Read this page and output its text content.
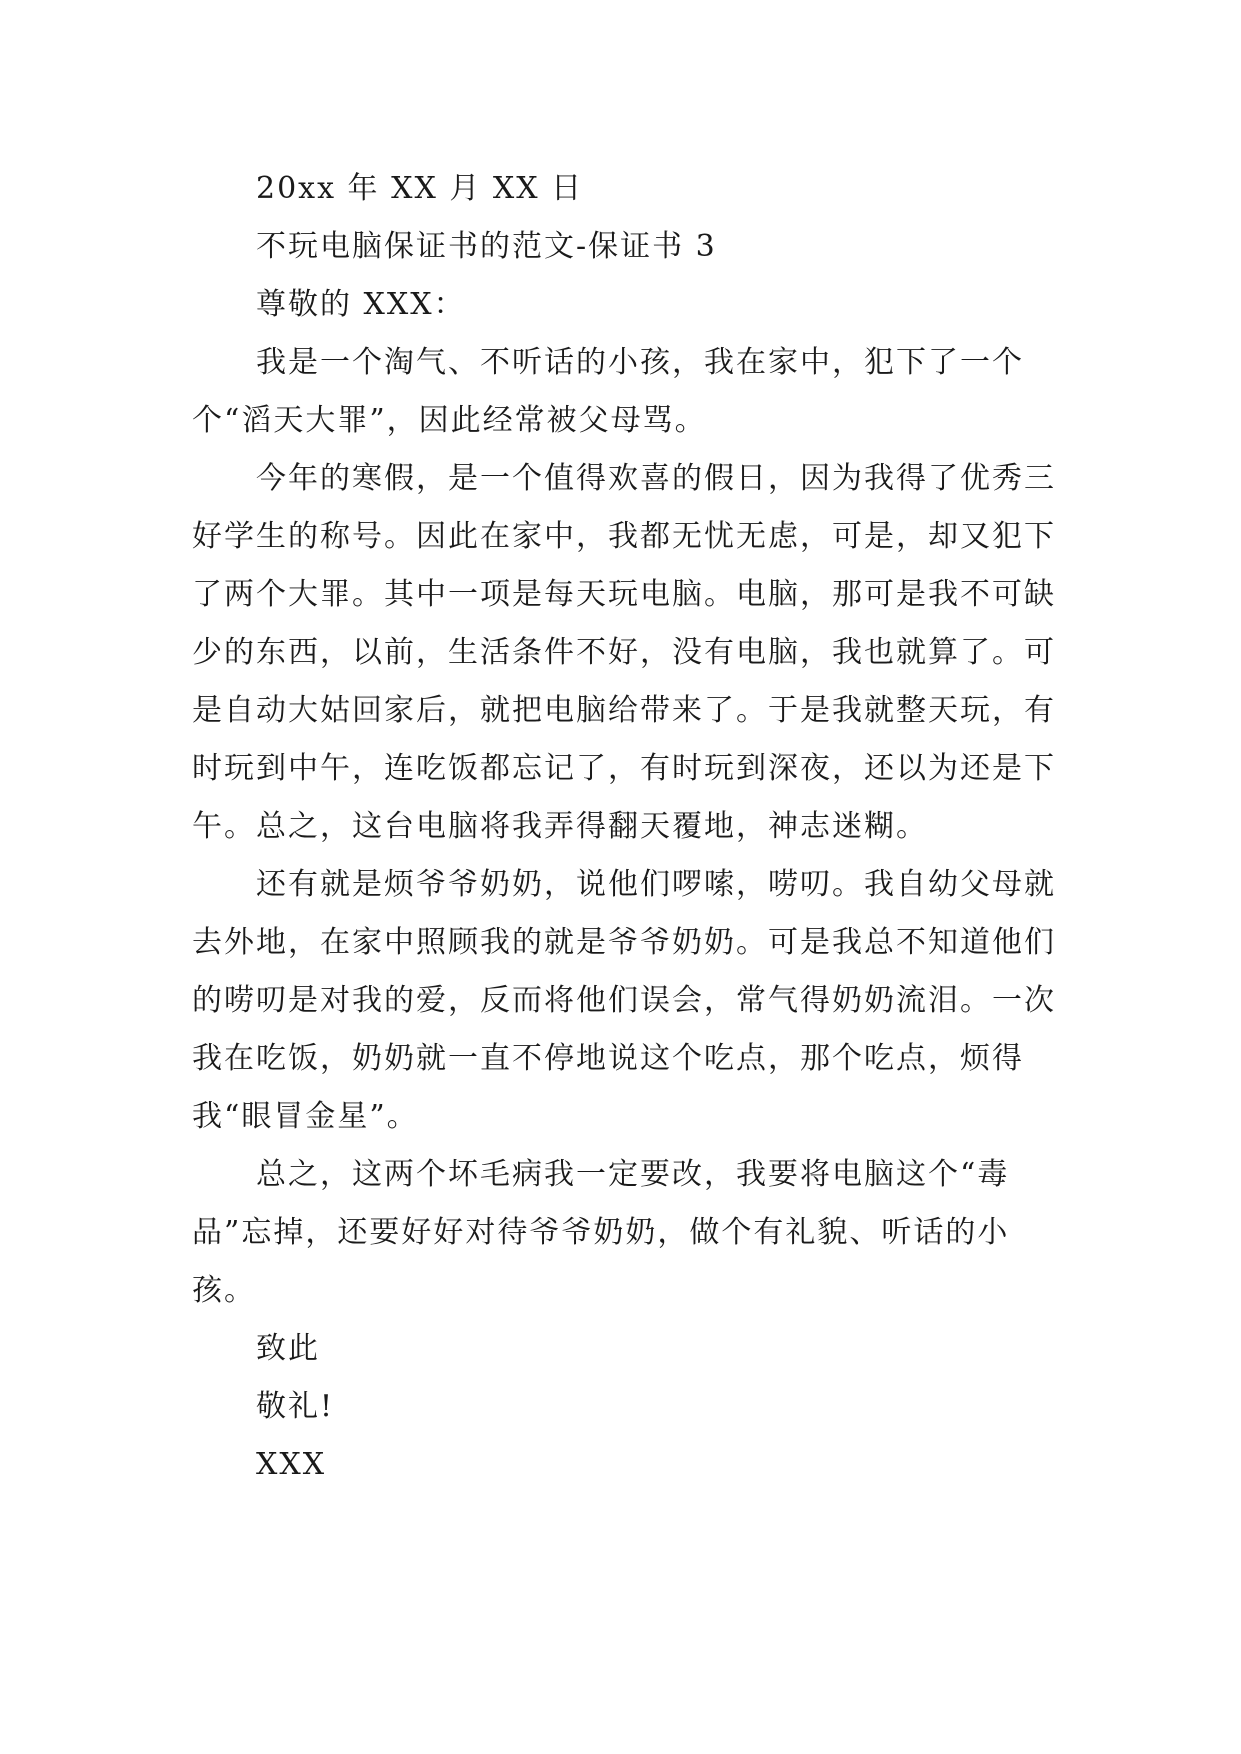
20xx 年 XX 月 XX 日

不玩电脑保证书的范文-保证书 3

尊敬的 XXX：

我是一个淘气、不听话的小孩，我在家中，犯下了一个个“滔天大罪”，因此经常被父母骂。

今年的寒假，是一个值得欢喜的假日，因为我得了优秀三好学生的称号。因此在家中，我都无忧无虑，可是，却又犯下了两个大罪。其中一项是每天玩电脑。电脑，那可是我不可缺少的东西，以前，生活条件不好，没有电脑，我也就算了。可是自动大姑回家后，就把电脑给带来了。于是我就整天玩，有时玩到中午，连吃饭都忘记了，有时玩到深夜，还以为还是下午。总之，这台电脑将我弄得翻天覆地，神志迷糊。

还有就是烦爷爷奶奶，说他们啰嗦，唠叨。我自幼父母就去外地，在家中照顾我的就是爷爷奶奶。可是我总不知道他们的唠叨是对我的爱，反而将他们误会，常气得奶奶流泪。一次我在吃饭，奶奶就一直不停地说这个吃点，那个吃点，烦得我“眼冒金星”。

总之，这两个坏毛病我一定要改，我要将电脑这个“毒品”忘掉，还要好好对待爷爷奶奶，做个有礼貌、听话的小孩。

致此

敬礼!

XXX
